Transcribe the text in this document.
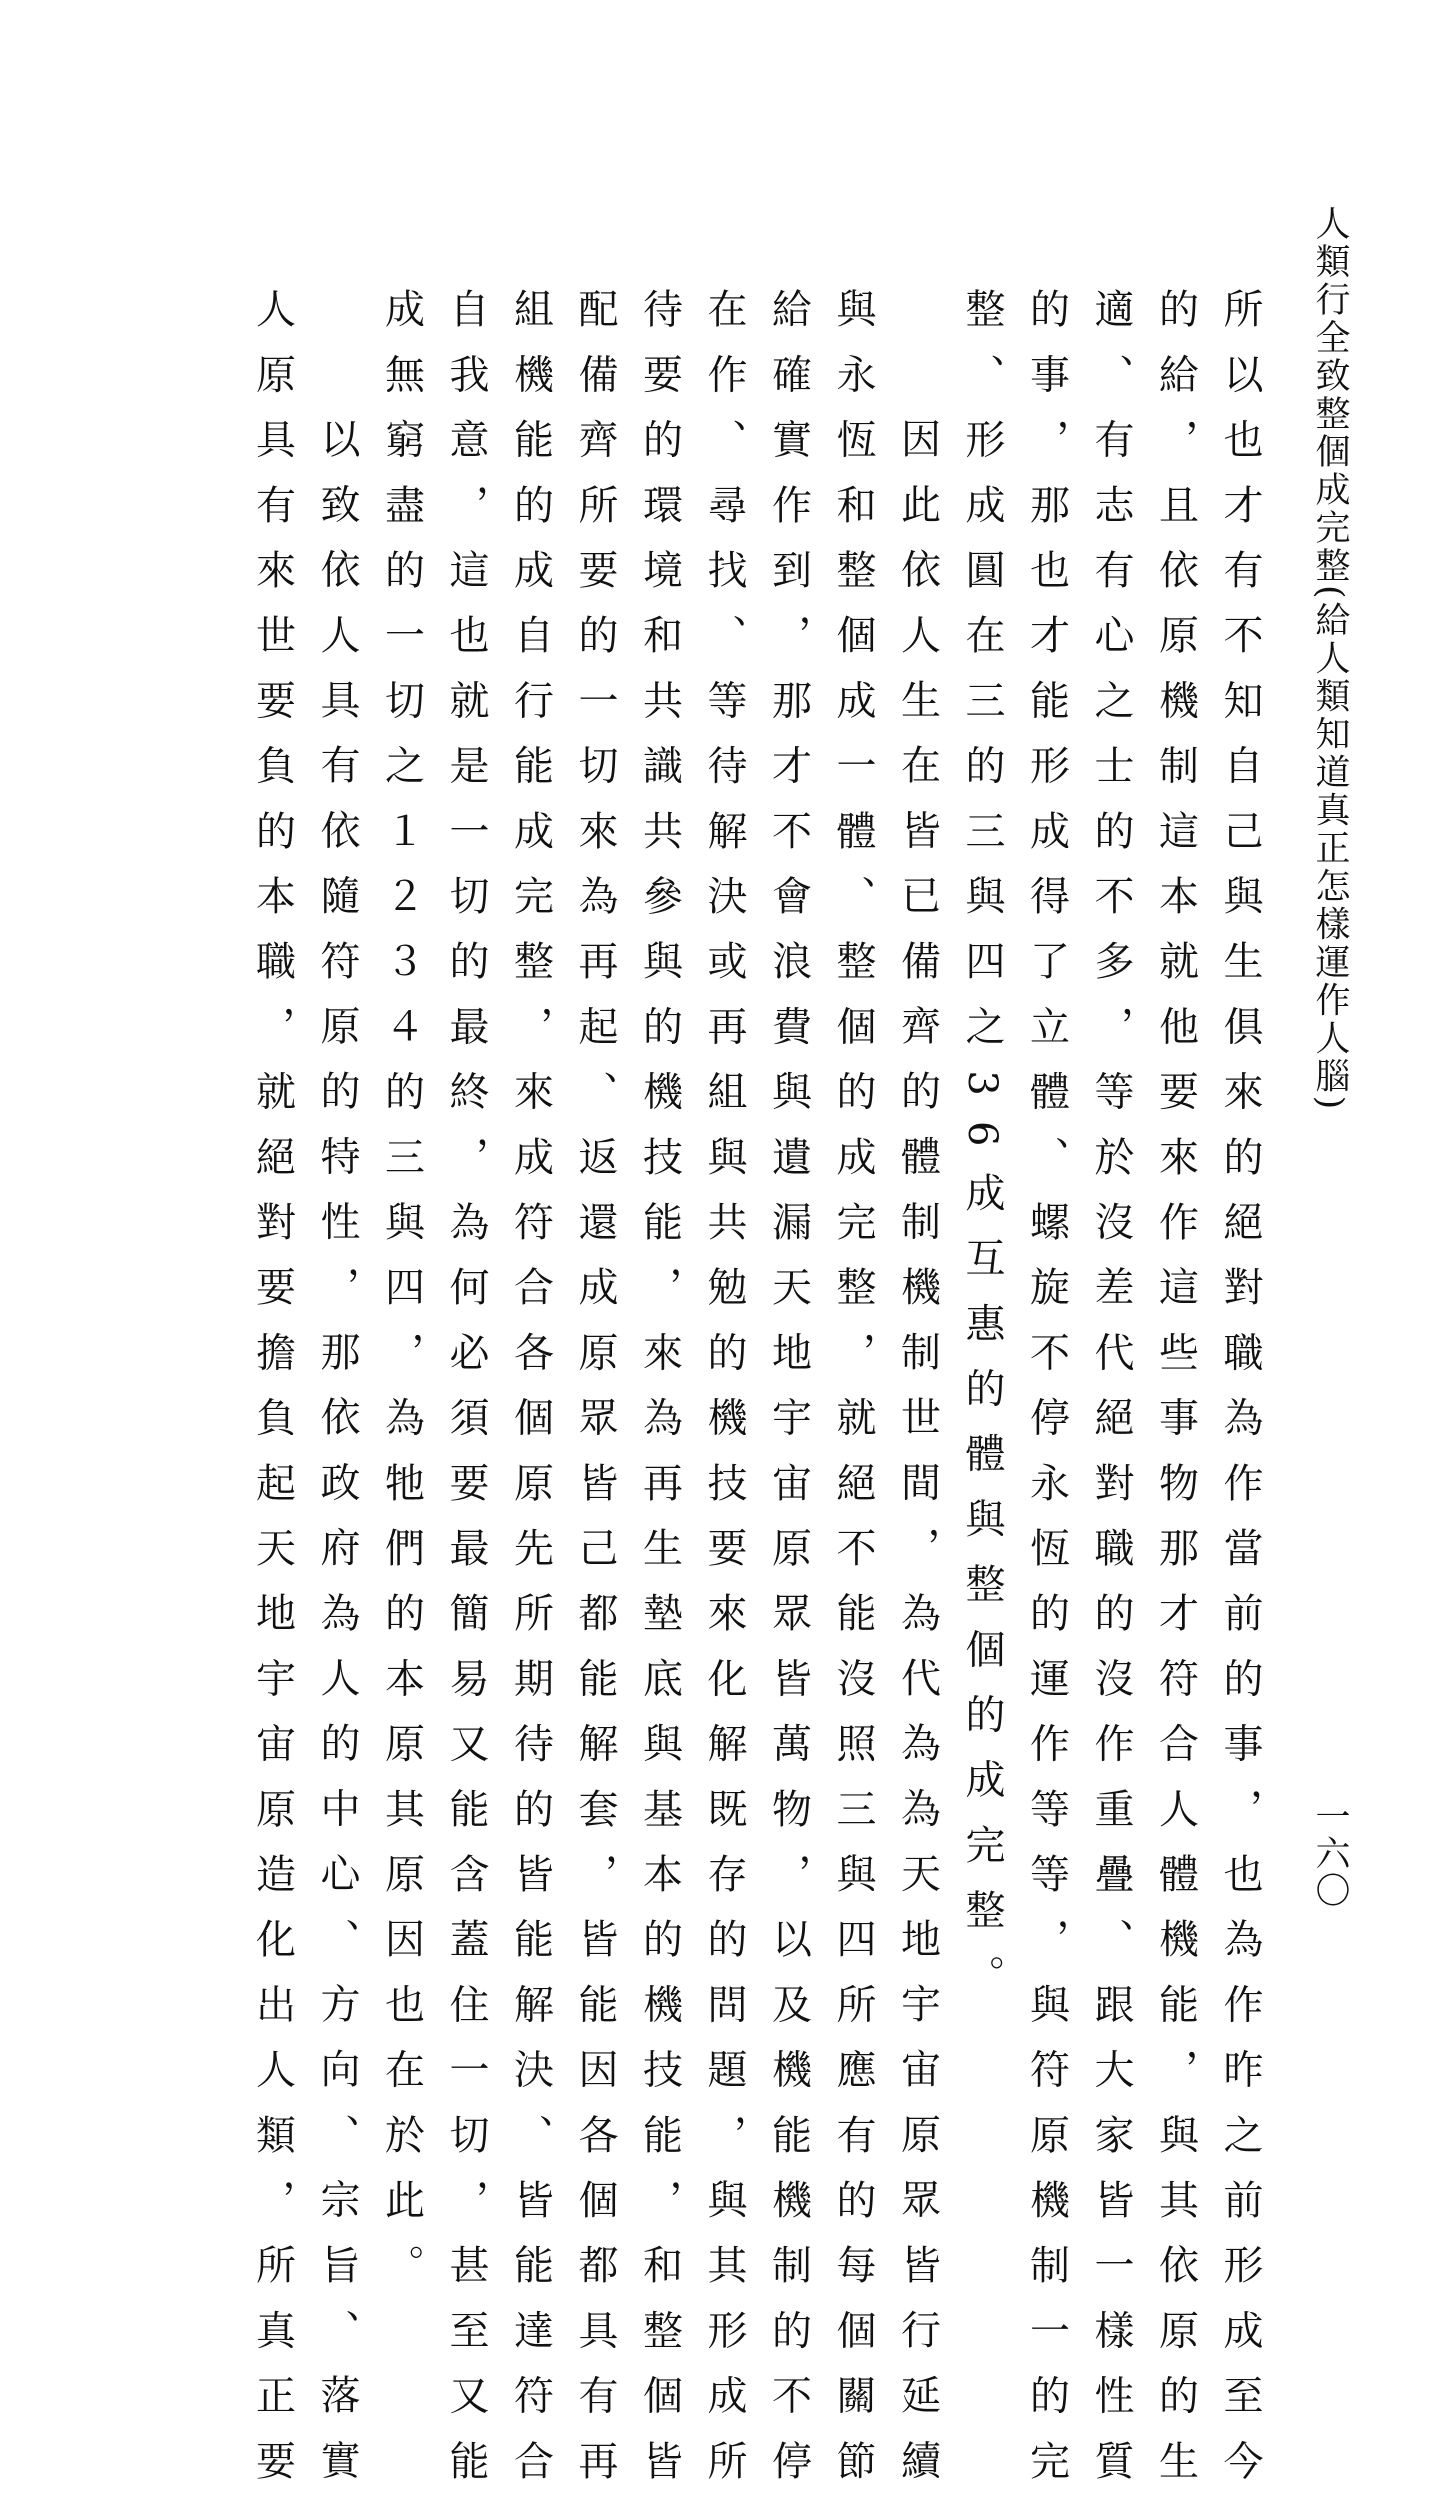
人類行全致整個成完整(給人類知道真正怎樣運作人腦)
一六〇
所以也才有不知自己與生俱來的絕對職為作當前的事，也為作昨之前形成至今
的給，且依原機制這本就他要來作這些事物那才符合人體機能，與其依原的生
適、有志有心之士的不多，等於沒差代絕對職的沒作重疊、跟大家皆一樣性質
的事，那也才能形成得了立體、螺旋不停永恆的運作等等，與符原機制一的完
整、形成圓在三的三與四之36成互惠的體與整個的成完整。
因此依人生在皆已備齊的體制機制世間，為代為為天地宇宙原眾皆行延續
與永恆和整個成一體、整個的成完整，就絕不能沒照三與四所應有的每個關節
給確實作到，那才不會浪費與遺漏天地宇宙原眾皆萬物，以及機能機制的不停
在作、尋找、等待解決或再組與共勉的機技要來化解既存的問題，與其形成所
待要的環境和共識共參與的機技能，來為再生墊底與基本的機技能，和整個皆
配備齊所要的一切來為再起、返還成原眾皆己都能解套，皆能因各個都具有再
組機能的成自行能成完整，來成符合各個原先所期待的皆能解決、皆能達符合
自我意，這也就是一切的最終，為何必須要最簡易又能含蓋住一切，甚至又能
成無窮盡的一切之１２３４的三與四，為牠們的本原其原因也在於此。
以致依人具有依隨符原的特性，那依政府為人的中心、方向、宗旨、落實
人原具有來世要負的本職，就絕對要擔負起天地宇宙原造化出人類，所真正要
